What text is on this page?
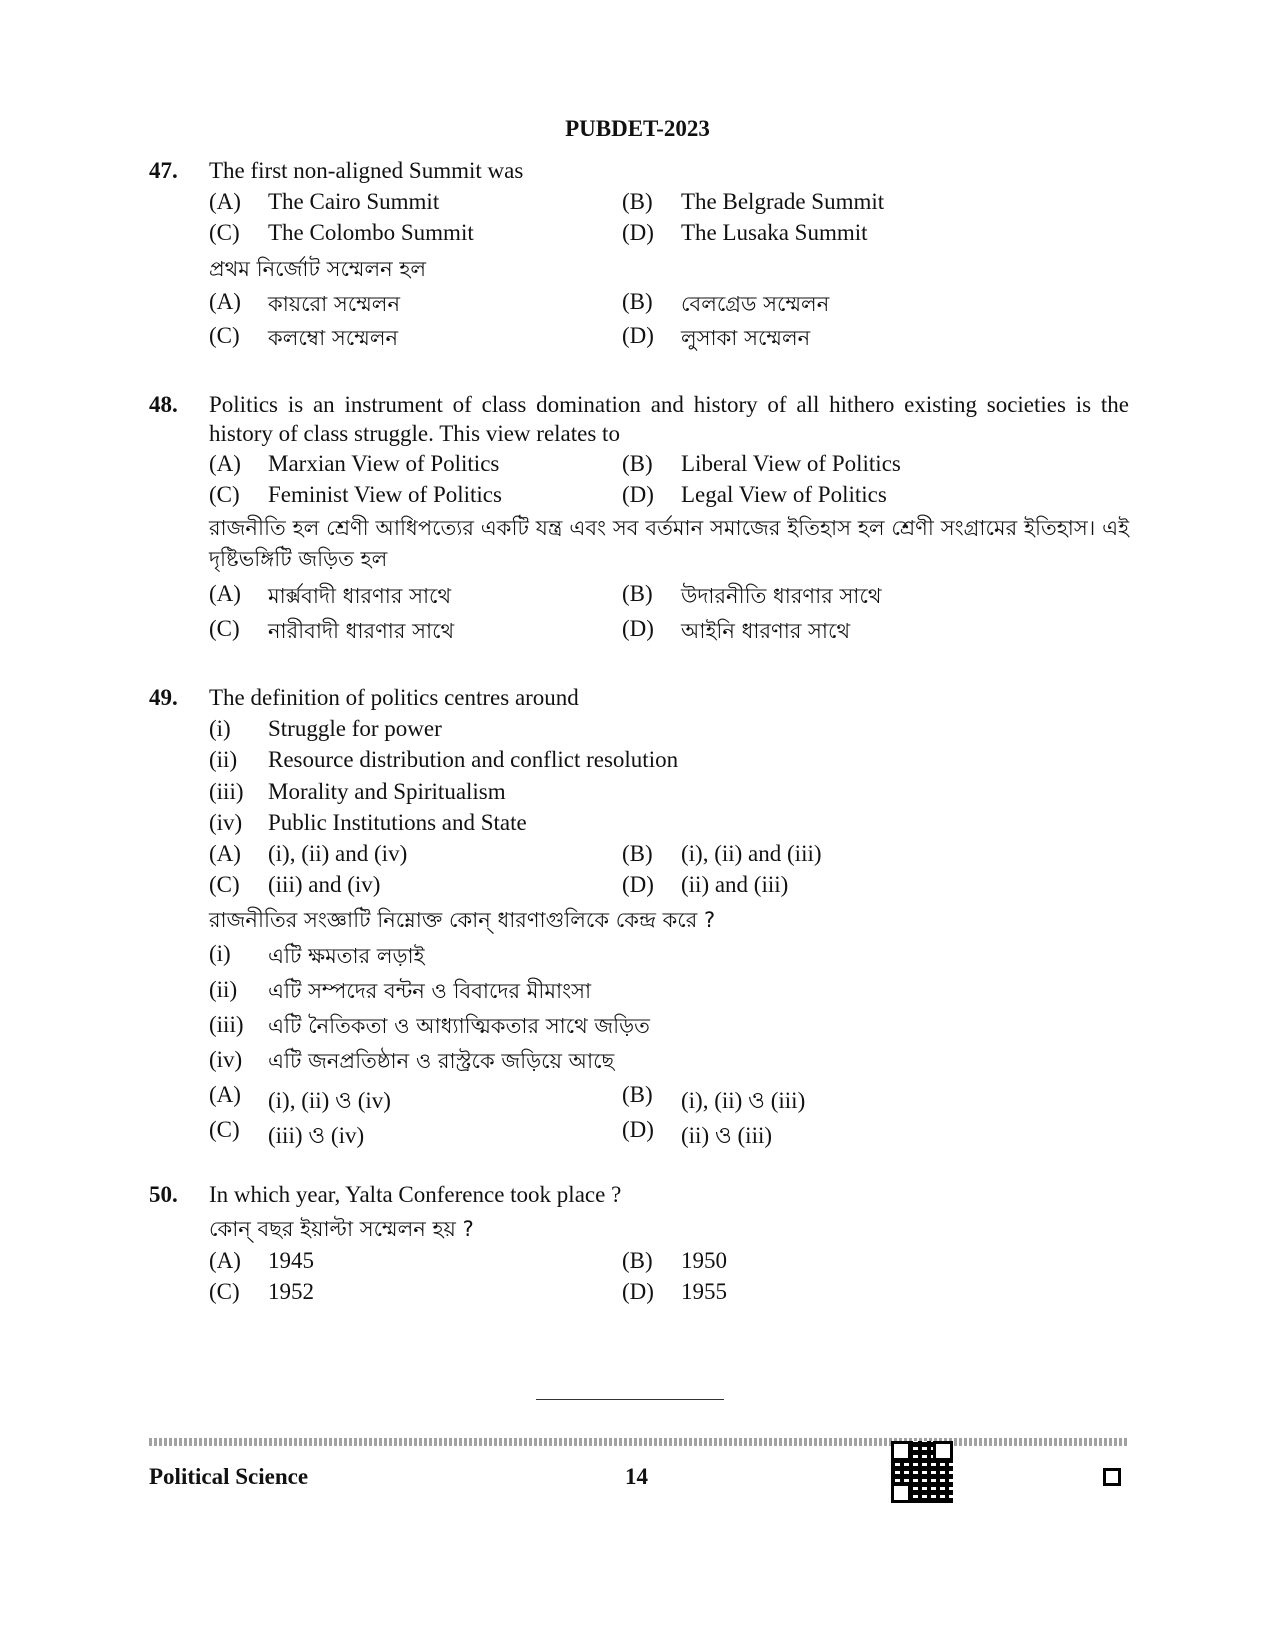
PUBDET-2023
47. The first non-aligned Summit was
(A) The Cairo Summit	(B) The Belgrade Summit
(C) The Colombo Summit	(D) The Lusaka Summit
প্রথম নির্জোট সম্মেলন হল
(A) কায়রো সম্মেলন	(B) বেলগ্রেড সম্মেলন
(C) কলম্বো সম্মেলন	(D) লুসাকা সম্মেলন
48. Politics is an instrument of class domination and history of all hithero existing societies is the history of class struggle. This view relates to
(A) Marxian View of Politics	(B) Liberal View of Politics
(C) Feminist View of Politics	(D) Legal View of Politics
রাজনীতি হল শ্রেণী আধিপত্যের একটি যন্ত্র এবং সব বর্তমান সমাজের ইতিহাস হল শ্রেণী সংগ্রামের ইতিহাস। এই দৃষ্টিভঙ্গিটি জড়িত হল
(A) মার্ক্সবাদী ধারণার সাথে	(B) উদারনীতি ধারণার সাথে
(C) নারীবাদী ধারণার সাথে	(D) আইনি ধারণার সাথে
49. The definition of politics centres around
(i) Struggle for power
(ii) Resource distribution and conflict resolution
(iii) Morality and Spiritualism
(iv) Public Institutions and State
(A) (i), (ii) and (iv)	(B) (i), (ii) and (iii)
(C) (iii) and (iv)	(D) (ii) and (iii)
রাজনীতির সংজ্ঞাটি নিম্নোক্ত কোন্ ধারণাগুলিকে কেন্দ্র করে ?
(i) এটি ক্ষমতার লড়াই
(ii) এটি সম্পদের বন্টন ও বিবাদের মীমাংসা
(iii) এটি নৈতিকতা ও আধ্যাত্মিকতার সাথে জড়িত
(iv) এটি জনপ্রতিষ্ঠান ও রাস্ট্রকে জড়িয়ে আছে
(A) (i), (ii) ও (iv)	(B) (i), (ii) ও (iii)
(C) (iii) ও (iv)	(D) (ii) ও (iii)
50. In which year, Yalta Conference took place ?
কোন্ বছর ইয়াল্টা সম্মেলন হয় ?
(A) 1945	(B) 1950
(C) 1952	(D) 1955
Political Science	14
